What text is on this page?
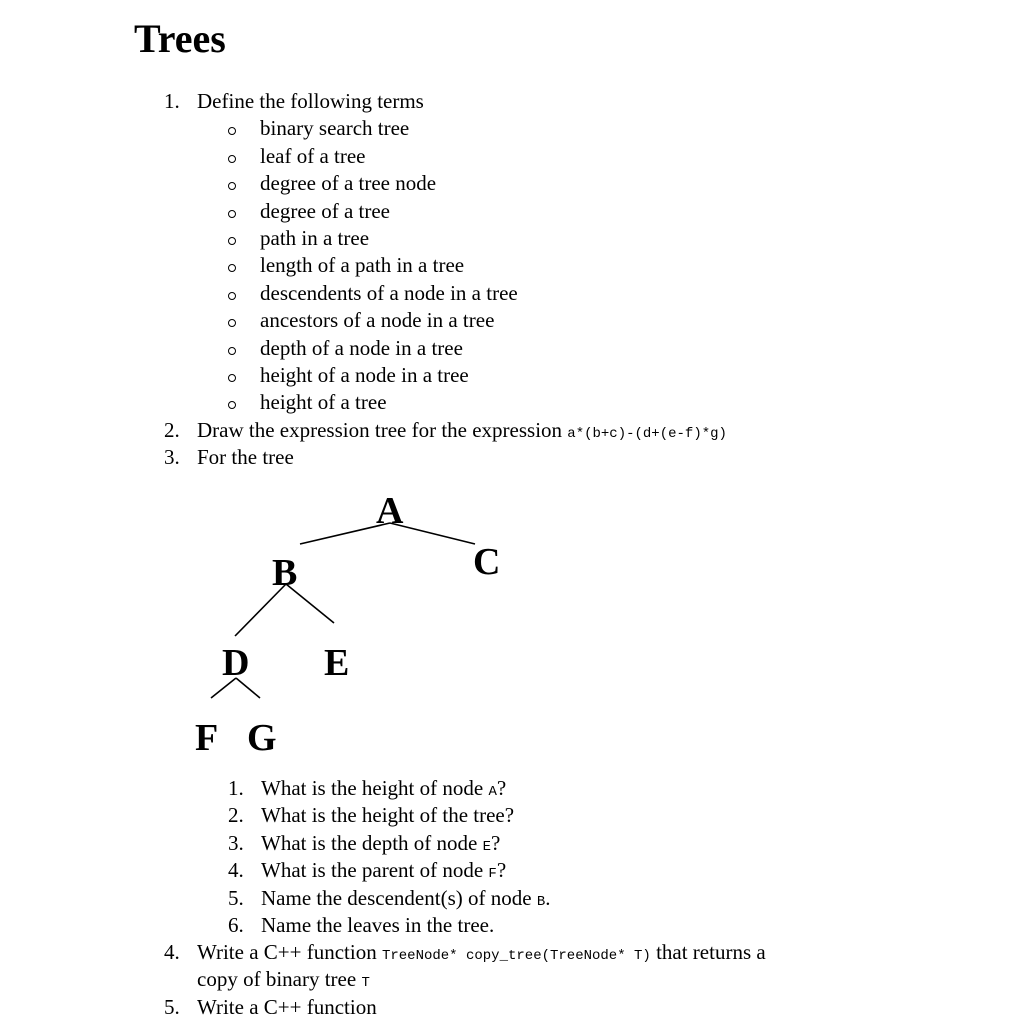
Trees
1. Define the following terms
binary search tree
leaf of a tree
degree of a tree node
degree of a tree
path in a tree
length of a path in a tree
descendents of a node in a tree
ancestors of a node in a tree
depth of a node in a tree
height of a node in a tree
height of a tree
2. Draw the expression tree for the expression a*(b+c)-(d+(e-f)*g)
3. For the tree
A
B	C
D E
F G
1. What is the height of node A?
2. What is the height of the tree?
3. What is the depth of node E?
4. What is the parent of node F?
5. Name the descendent(s) of node B.
6. Name the leaves in the tree.
4. Write a C++ function TreeNode* copy_tree(TreeNode* T) that returns a
copy of binary tree T
5. Write a C++ function
